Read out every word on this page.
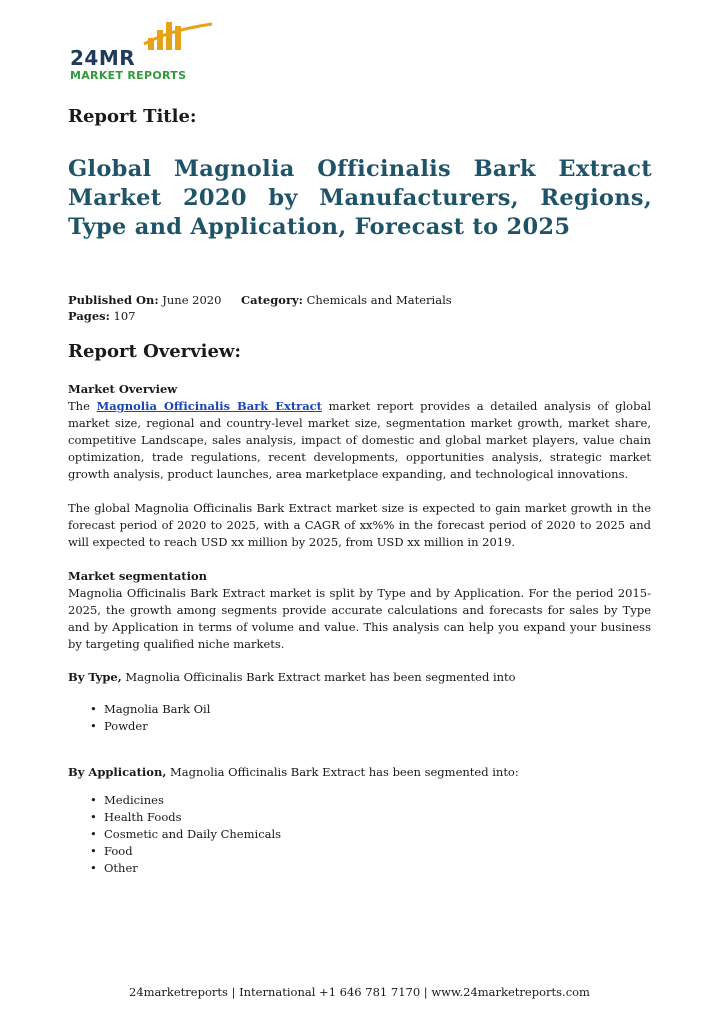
24MR
MARKET REPORTS
Report Title:
Global Magnolia Officinalis Bark Extract Market 2020 by Manufacturers, Regions, Type and Application, Forecast to 2025
Published On: June 2020 Category: Chemicals and Materials
Pages: 107
Report Overview:

Market Overview

The Magnolia Officinalis Bark Extract market report provides a detailed analysis of global market size, regional and country-level market size, segmentation market growth, market share, competitive Landscape, sales analysis, impact of domestic and global market players, value chain optimization, trade regulations, recent developments, opportunities analysis, strategic market growth analysis, product launches, area marketplace expanding, and technological innovations.

The global Magnolia Officinalis Bark Extract market size is expected to gain market growth in the forecast period of 2020 to 2025, with a CAGR of xx%% in the forecast period of 2020 to 2025 and will expected to reach USD xx million by 2025, from USD xx million in 2019.

Market segmentation

Magnolia Officinalis Bark Extract market is split by Type and by Application. For the period 2015-2025, the growth among segments provide accurate calculations and forecasts for sales by Type and by Application in terms of volume and value. This analysis can help you expand your business by targeting qualified niche markets.

By Type, Magnolia Officinalis Bark Extract market has been segmented into

• Magnolia Bark Oil
• Powder

By Application, Magnolia Officinalis Bark Extract has been segmented into:

• Medicines
• Health Foods
• Cosmetic and Daily Chemicals
• Food
• Other
24marketreports | International +1 646 781 7170 | www.24marketreports.com
